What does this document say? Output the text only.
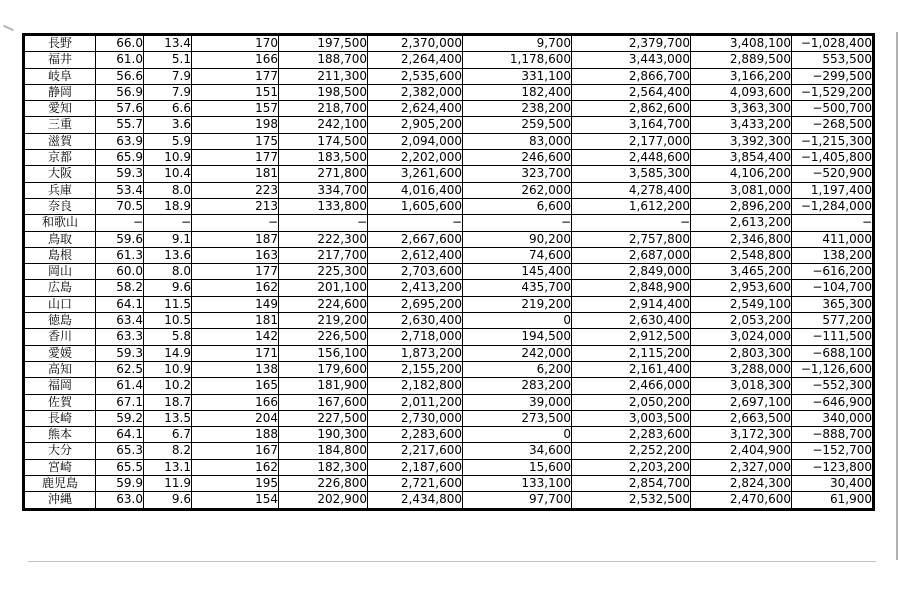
長野	66.0	13.4	170	197,500	2,370,000	9,700	2,379,700	3,408,100	−1,028,400
福井	61.0	5.1	166	188,700	2,264,400	1,178,600	3,443,000	2,889,500	553,500
岐阜	56.6	7.9	177	211,300	2,535,600	331,100	2,866,700	3,166,200	−299,500
静岡	56.9	7.9	151	198,500	2,382,000	182,400	2,564,400	4,093,600	−1,529,200
愛知	57.6	6.6	157	218,700	2,624,400	238,200	2,862,600	3,363,300	−500,700
三重	55.7	3.6	198	242,100	2,905,200	259,500	3,164,700	3,433,200	−268,500
滋賀	63.9	5.9	175	174,500	2,094,000	83,000	2,177,000	3,392,300	−1,215,300
京都	65.9	10.9	177	183,500	2,202,000	246,600	2,448,600	3,854,400	−1,405,800
大阪	59.3	10.4	181	271,800	3,261,600	323,700	3,585,300	4,106,200	−520,900
兵庫	53.4	8.0	223	334,700	4,016,400	262,000	4,278,400	3,081,000	1,197,400
奈良	70.5	18.9	213	133,800	1,605,600	6,600	1,612,200	2,896,200	−1,284,000
和歌山	−	−	−	−	−	−	−	2,613,200	−
鳥取	59.6	9.1	187	222,300	2,667,600	90,200	2,757,800	2,346,800	411,000
島根	61.3	13.6	163	217,700	2,612,400	74,600	2,687,000	2,548,800	138,200
岡山	60.0	8.0	177	225,300	2,703,600	145,400	2,849,000	3,465,200	−616,200
広島	58.2	9.6	162	201,100	2,413,200	435,700	2,848,900	2,953,600	−104,700
山口	64.1	11.5	149	224,600	2,695,200	219,200	2,914,400	2,549,100	365,300
徳島	63.4	10.5	181	219,200	2,630,400	0	2,630,400	2,053,200	577,200
香川	63.3	5.8	142	226,500	2,718,000	194,500	2,912,500	3,024,000	−111,500
愛媛	59.3	14.9	171	156,100	1,873,200	242,000	2,115,200	2,803,300	−688,100
高知	62.5	10.9	138	179,600	2,155,200	6,200	2,161,400	3,288,000	−1,126,600
福岡	61.4	10.2	165	181,900	2,182,800	283,200	2,466,000	3,018,300	−552,300
佐賀	67.1	18.7	166	167,600	2,011,200	39,000	2,050,200	2,697,100	−646,900
長崎	59.2	13.5	204	227,500	2,730,000	273,500	3,003,500	2,663,500	340,000
熊本	64.1	6.7	188	190,300	2,283,600	0	2,283,600	3,172,300	−888,700
大分	65.3	8.2	167	184,800	2,217,600	34,600	2,252,200	2,404,900	−152,700
宮崎	65.5	13.1	162	182,300	2,187,600	15,600	2,203,200	2,327,000	−123,800
鹿児島	59.9	11.9	195	226,800	2,721,600	133,100	2,854,700	2,824,300	30,400
沖縄	63.0	9.6	154	202,900	2,434,800	97,700	2,532,500	2,470,600	61,900
